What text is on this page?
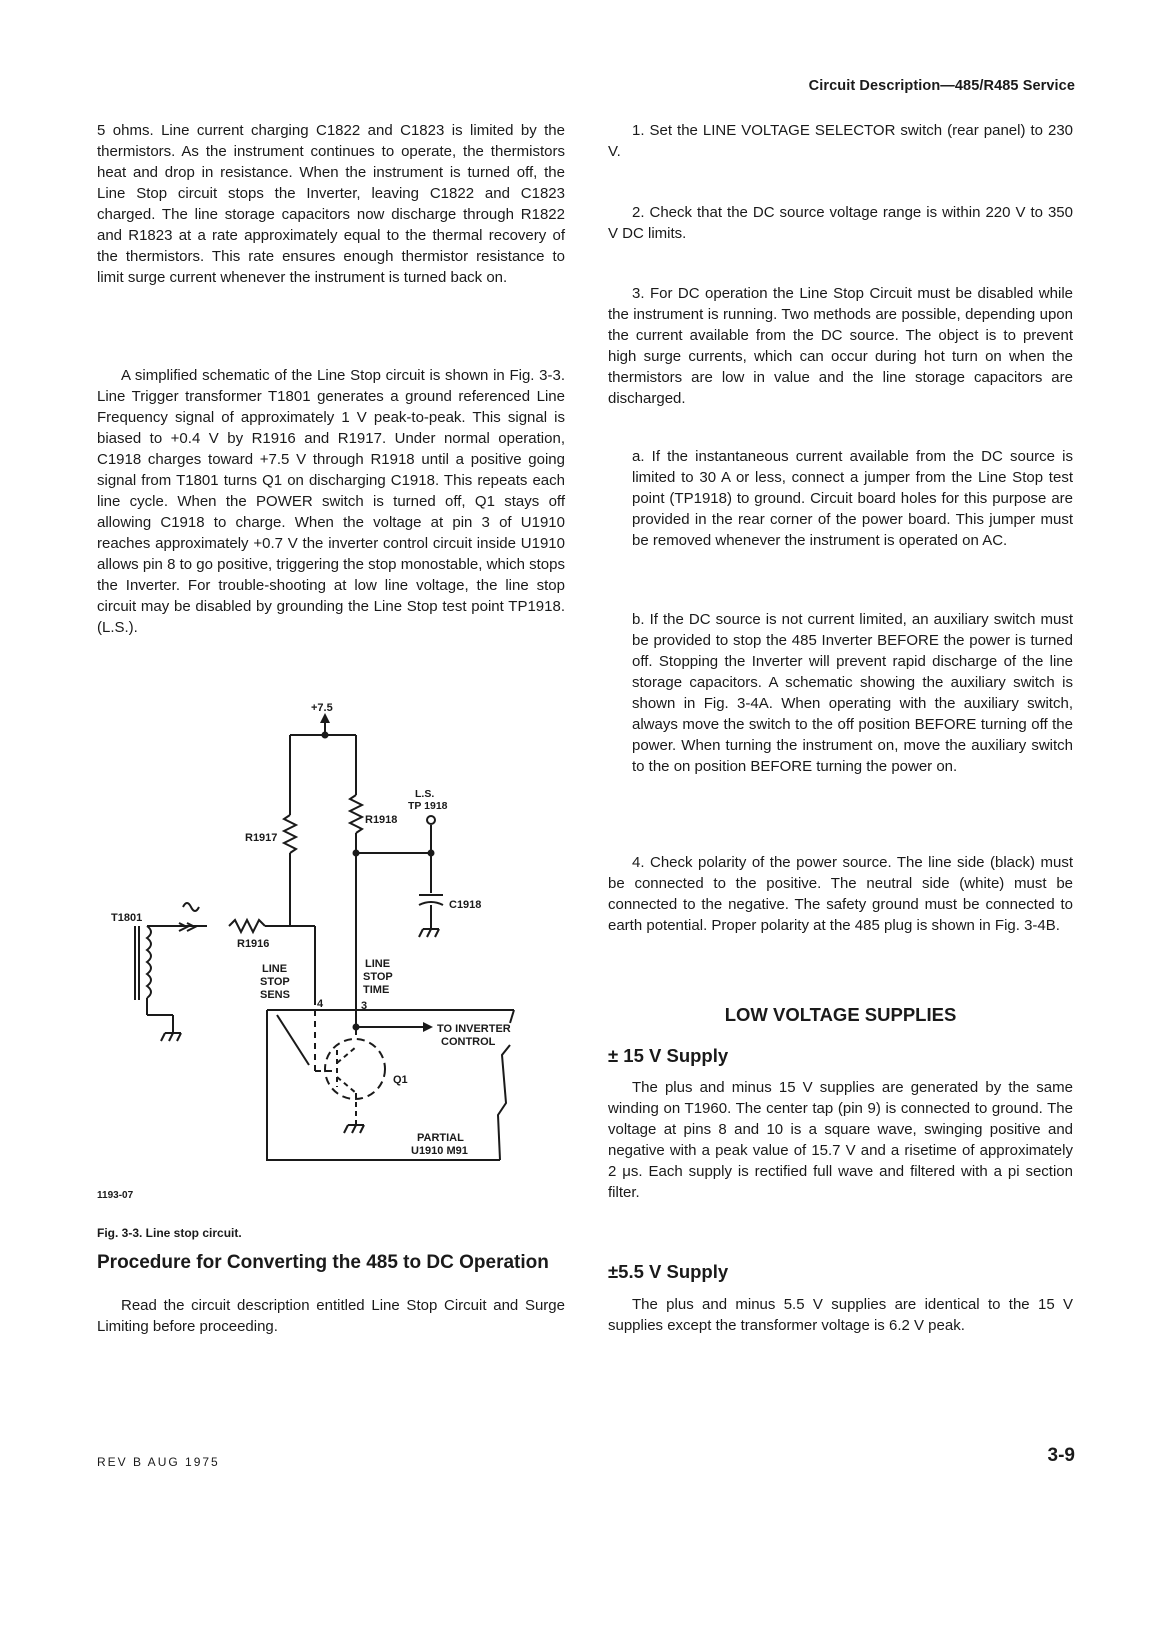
Circuit Description—485/R485 Service

5 ohms. Line current charging C1822 and C1823 is limited by the thermistors. As the instrument continues to operate, the thermistors heat and drop in resistance. When the instrument is turned off, the Line Stop circuit stops the Inverter, leaving C1822 and C1823 charged. The line storage capacitors now discharge through R1822 and R1823 at a rate approximately equal to the thermal recovery of the thermistors. This rate ensures enough thermistor resistance to limit surge current whenever the instrument is turned back on.

A simplified schematic of the Line Stop circuit is shown in Fig. 3-3. Line Trigger transformer T1801 generates a ground referenced Line Frequency signal of approximately 1 V peak-to-peak. This signal is biased to +0.4 V by R1916 and R1917. Under normal operation, C1918 charges toward +7.5 V through R1918 until a positive going signal from T1801 turns Q1 on discharging C1918. This repeats each line cycle. When the POWER switch is turned off, Q1 stays off allowing C1918 to charge. When the voltage at pin 3 of U1910 reaches approximately +0.7 V the inverter control circuit inside U1910 allows pin 8 to go positive, triggering the stop monostable, which stops the Inverter. For trouble-shooting at low line voltage, the line stop circuit may be disabled by grounding the Line Stop test point TP1918. (L.S.).

+7.5
L.S.
TP 1918
R1918
R1917
T1801
R1916
C1918
LINE
STOP
SENS
LINE
STOP
TIME
4	3
TO INVERTER
CONTROL
Q1
PARTIAL
U1910 M91
1193-07
Fig. 3-3. Line stop circuit.
Procedure for Converting the 485 to DC Operation

Read the circuit description entitled Line Stop Circuit and Surge Limiting before proceeding.

1. Set the LINE VOLTAGE SELECTOR switch (rear panel) to 230 V.

2. Check that the DC source voltage range is within 220 V to 350 V DC limits.

3. For DC operation the Line Stop Circuit must be disabled while the instrument is running. Two methods are possible, depending upon the current available from the DC source. The object is to prevent high surge currents, which can occur during hot turn on when the thermistors are low in value and the line storage capacitors are discharged.

a. If the instantaneous current available from the DC source is limited to 30 A or less, connect a jumper from the Line Stop test point (TP1918) to ground. Circuit board holes for this purpose are provided in the rear corner of the power board. This jumper must be removed whenever the instrument is operated on AC.

b. If the DC source is not current limited, an auxiliary switch must be provided to stop the 485 Inverter BEFORE the power is turned off. Stopping the Inverter will prevent rapid discharge of the line storage capacitors. A schematic showing the auxiliary switch is shown in Fig. 3-4A. When operating with the auxiliary switch, always move the switch to the off position BEFORE turning off the power. When turning the instrument on, move the auxiliary switch to the on position BEFORE turning the power on.

4. Check polarity of the power source. The line side (black) must be connected to the positive. The neutral side (white) must be connected to the negative. The safety ground must be connected to earth potential. Proper polarity at the 485 plug is shown in Fig. 3-4B.

LOW VOLTAGE SUPPLIES
± 15 V Supply

The plus and minus 15 V supplies are generated by the same winding on T1960. The center tap (pin 9) is connected to ground. The voltage at pins 8 and 10 is a square wave, swinging positive and negative with a peak value of 15.7 V and a risetime of approximately 2 μs. Each supply is rectified full wave and filtered with a pi section filter.

±5.5 V Supply

The plus and minus 5.5 V supplies are identical to the 15 V supplies except the transformer voltage is 6.2 V peak.

REV B AUG 1975	3-9
